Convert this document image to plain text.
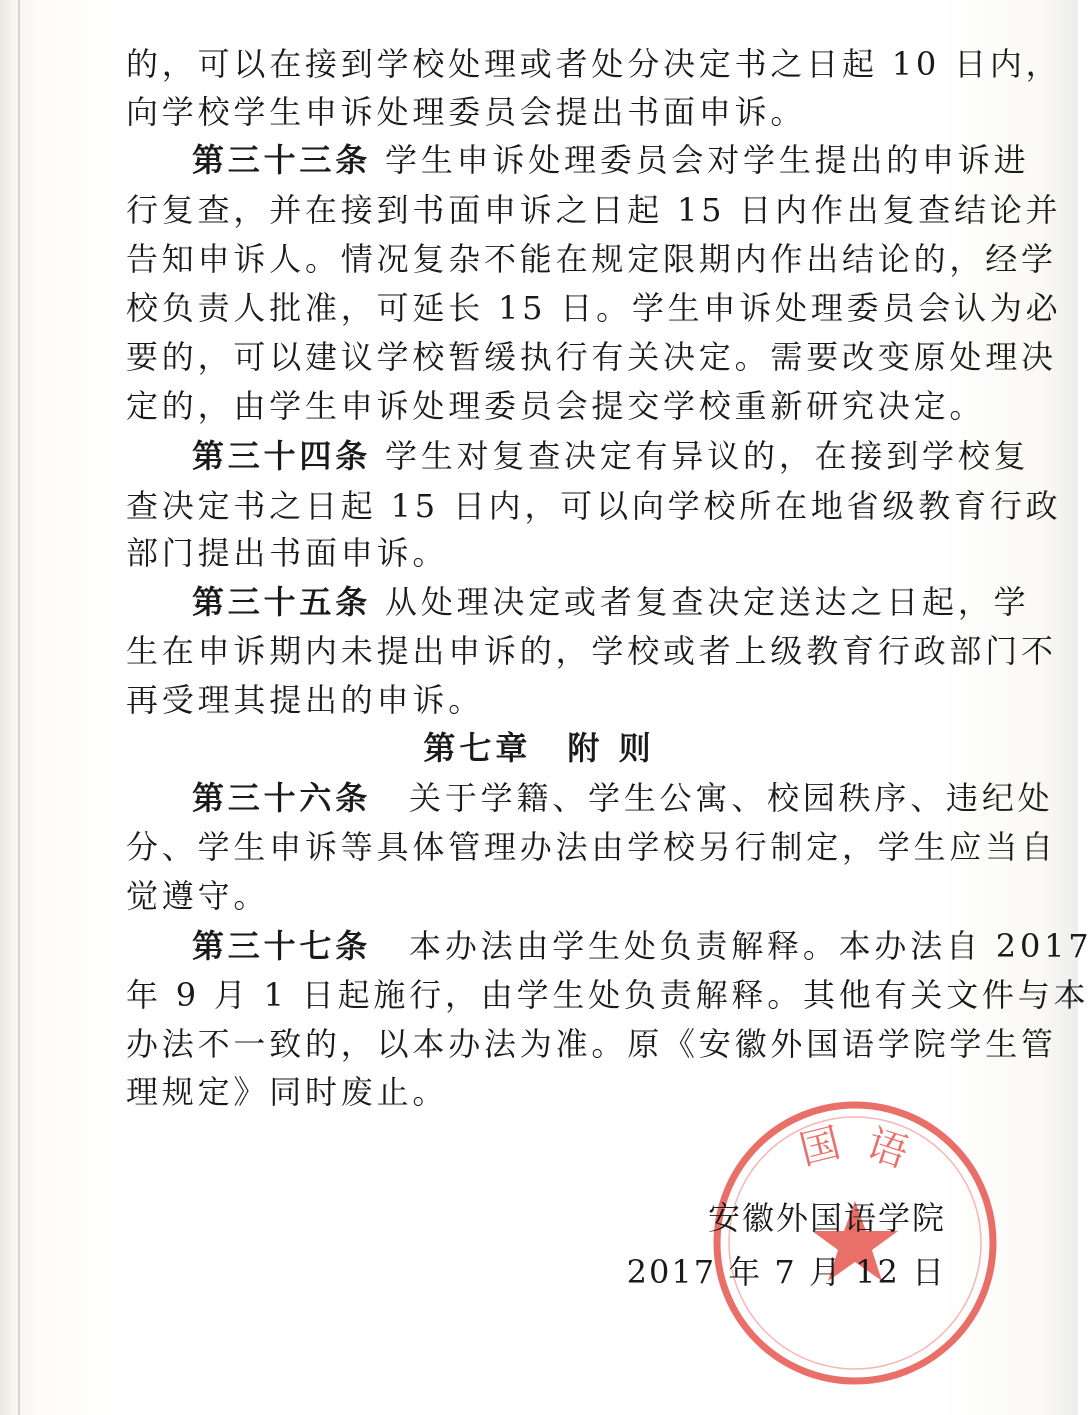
的，可以在接到学校处理或者处分决定书之日起 10 日内，
向学校学生申诉处理委员会提出书面申诉。
第三十三条 学生申诉处理委员会对学生提出的申诉进
行复查，并在接到书面申诉之日起 15 日内作出复查结论并
告知申诉人。情况复杂不能在规定限期内作出结论的，经学
校负责人批准，可延长 15 日。学生申诉处理委员会认为必
要的，可以建议学校暂缓执行有关决定。需要改变原处理决
定的，由学生申诉处理委员会提交学校重新研究决定。
第三十四条 学生对复查决定有异议的，在接到学校复
查决定书之日起 15 日内，可以向学校所在地省级教育行政
部门提出书面申诉。
第三十五条 从处理决定或者复查决定送达之日起，学
生在申诉期内未提出申诉的，学校或者上级教育行政部门不
再受理其提出的申诉。
第七章　附 则
第三十六条 关于学籍、学生公寓、校园秩序、违纪处
分、学生申诉等具体管理办法由学校另行制定，学生应当自
觉遵守。
第三十七条 本办法由学生处负责解释。本办法自 2017
年 9 月 1 日起施行，由学生处负责解释。其他有关文件与本
办法不一致的，以本办法为准。原《安徽外国语学院学生管
理规定》同时废止。
国 语
安徽外国语学院
2017 年 7 月 12 日
